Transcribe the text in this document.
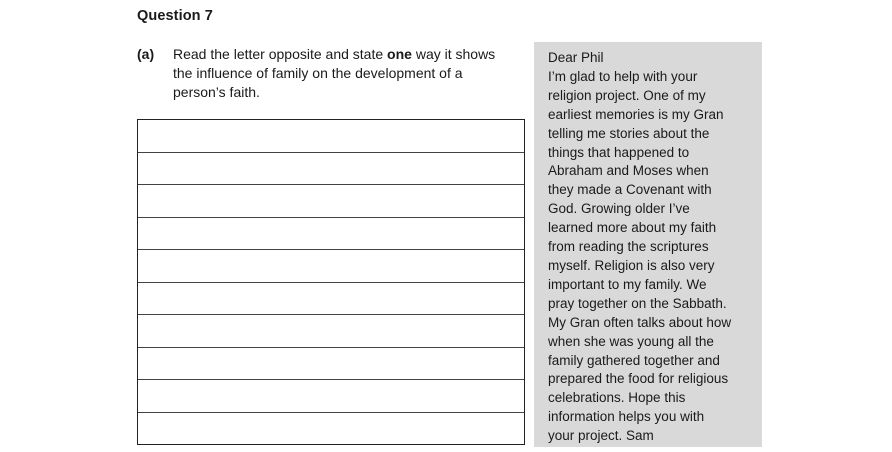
Question 7
(a) Read the letter opposite and state one way it shows the influence of family on the development of a person’s faith.
Dear Phil
I’m glad to help with your
religion project. One of my
earliest memories is my Gran
telling me stories about the
things that happened to
Abraham and Moses when
they made a Covenant with
God. Growing older I’ve
learned more about my faith
from reading the scriptures
myself. Religion is also very
important to my family. We
pray together on the Sabbath.
My Gran often talks about how
when she was young all the
family gathered together and
prepared the food for religious
celebrations. Hope this
information helps you with
your project. Sam
